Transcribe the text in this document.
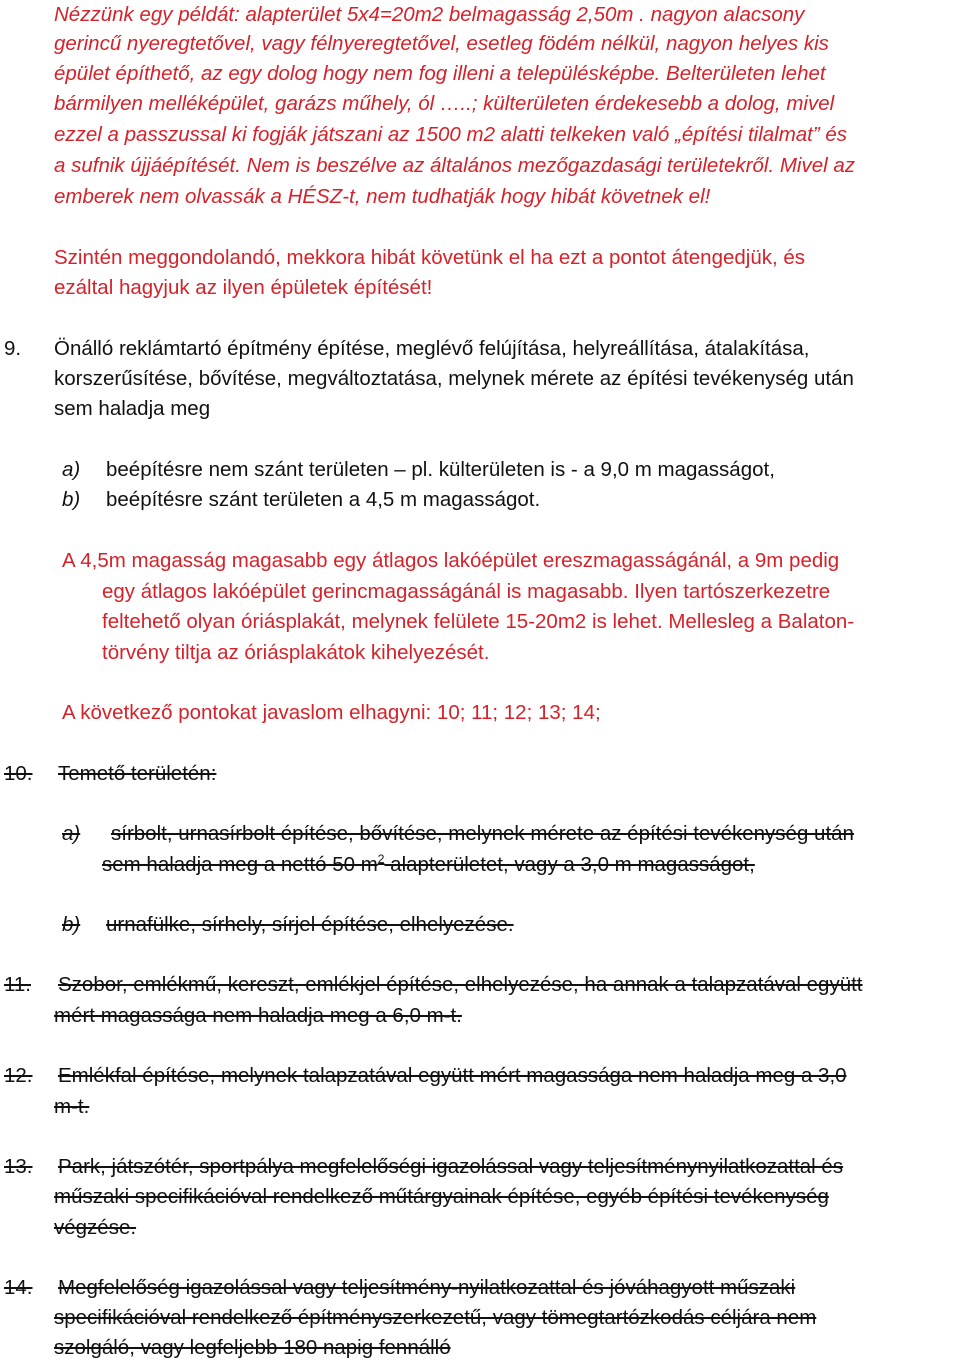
Nézzünk egy példát: alapterület 5x4=20m2 belmagasság 2,50m . nagyon alacsony
gerincű nyeregtetővel, vagy félnyeregtetővel, esetleg födém nélkül, nagyon helyes kis
épület építhető, az egy dolog hogy nem fog illeni a településképbe. Belterületen lehet
bármilyen melléképület, garázs műhely, ól …..; külterületen érdekesebb a dolog, mivel
ezzel a passzussal ki fogják játszani az 1500 m2 alatti telkeken való „építési tilalmat” és
a sufnik újjáépítését. Nem is beszélve az általános mezőgazdasági területekről. Mivel az
emberek nem olvassák a HÉSZ-t, nem tudhatják hogy hibát követnek el!
Szintén meggondolandó, mekkora hibát követünk el ha ezt a pontot átengedjük, és
ezáltal hagyjuk az ilyen épületek építését!
9. Önálló reklámtartó építmény építése, meglévő felújítása, helyreállítása, átalakítása,
korszerűsítése, bővítése, megváltoztatása, melynek mérete az építési tevékenység után
sem haladja meg
a) beépítésre nem szánt területen – pl. külterületen is - a 9,0 m magasságot,
b) beépítésre szánt területen a 4,5 m magasságot.
A 4,5m magasság magasabb egy átlagos lakóépület ereszmagasságánál, a 9m pedig
egy átlagos lakóépület gerincmagasságánál is magasabb. Ilyen tartószerkezetre
feltehető olyan óriásplakát, melynek felülete 15-20m2 is lehet. Mellesleg a Balaton-
törvény tiltja az óriásplakátok kihelyezését.
A következő pontokat javaslom elhagyni: 10; 11; 12; 13; 14;
10. Temető területén:
a) sírbolt, urnasírbolt építése, bővítése, melynek mérete az építési tevékenység után
sem haladja meg a nettó 50 $m^2$ alapterületet, vagy a 3,0 m magasságot,
b) urnafülke, sírhely, sírjel építése, elhelyezése.
11. Szobor, emlékmű, kereszt, emlékjel építése, elhelyezése, ha annak a talapzatával együtt
mért magassága nem haladja meg a 6,0 m-t.
12. Emlékfal építése, melynek talapzatával együtt mért magassága nem haladja meg a 3,0
m-t.
13. Park, játszótér, sportpálya megfelelőségi igazolással vagy teljesítménynyilatkozattal és
műszaki specifikációval rendelkező műtárgyainak építése, egyéb építési tevékenység
végzése.
14. Megfelelőség igazolással vagy teljesítmény-nyilatkozattal és jóváhagyott műszaki
specifikációval rendelkező építményszerkezetű, vagy tömegtartózkodás céljára nem
szolgáló, vagy legfeljebb 180 napig fennálló
